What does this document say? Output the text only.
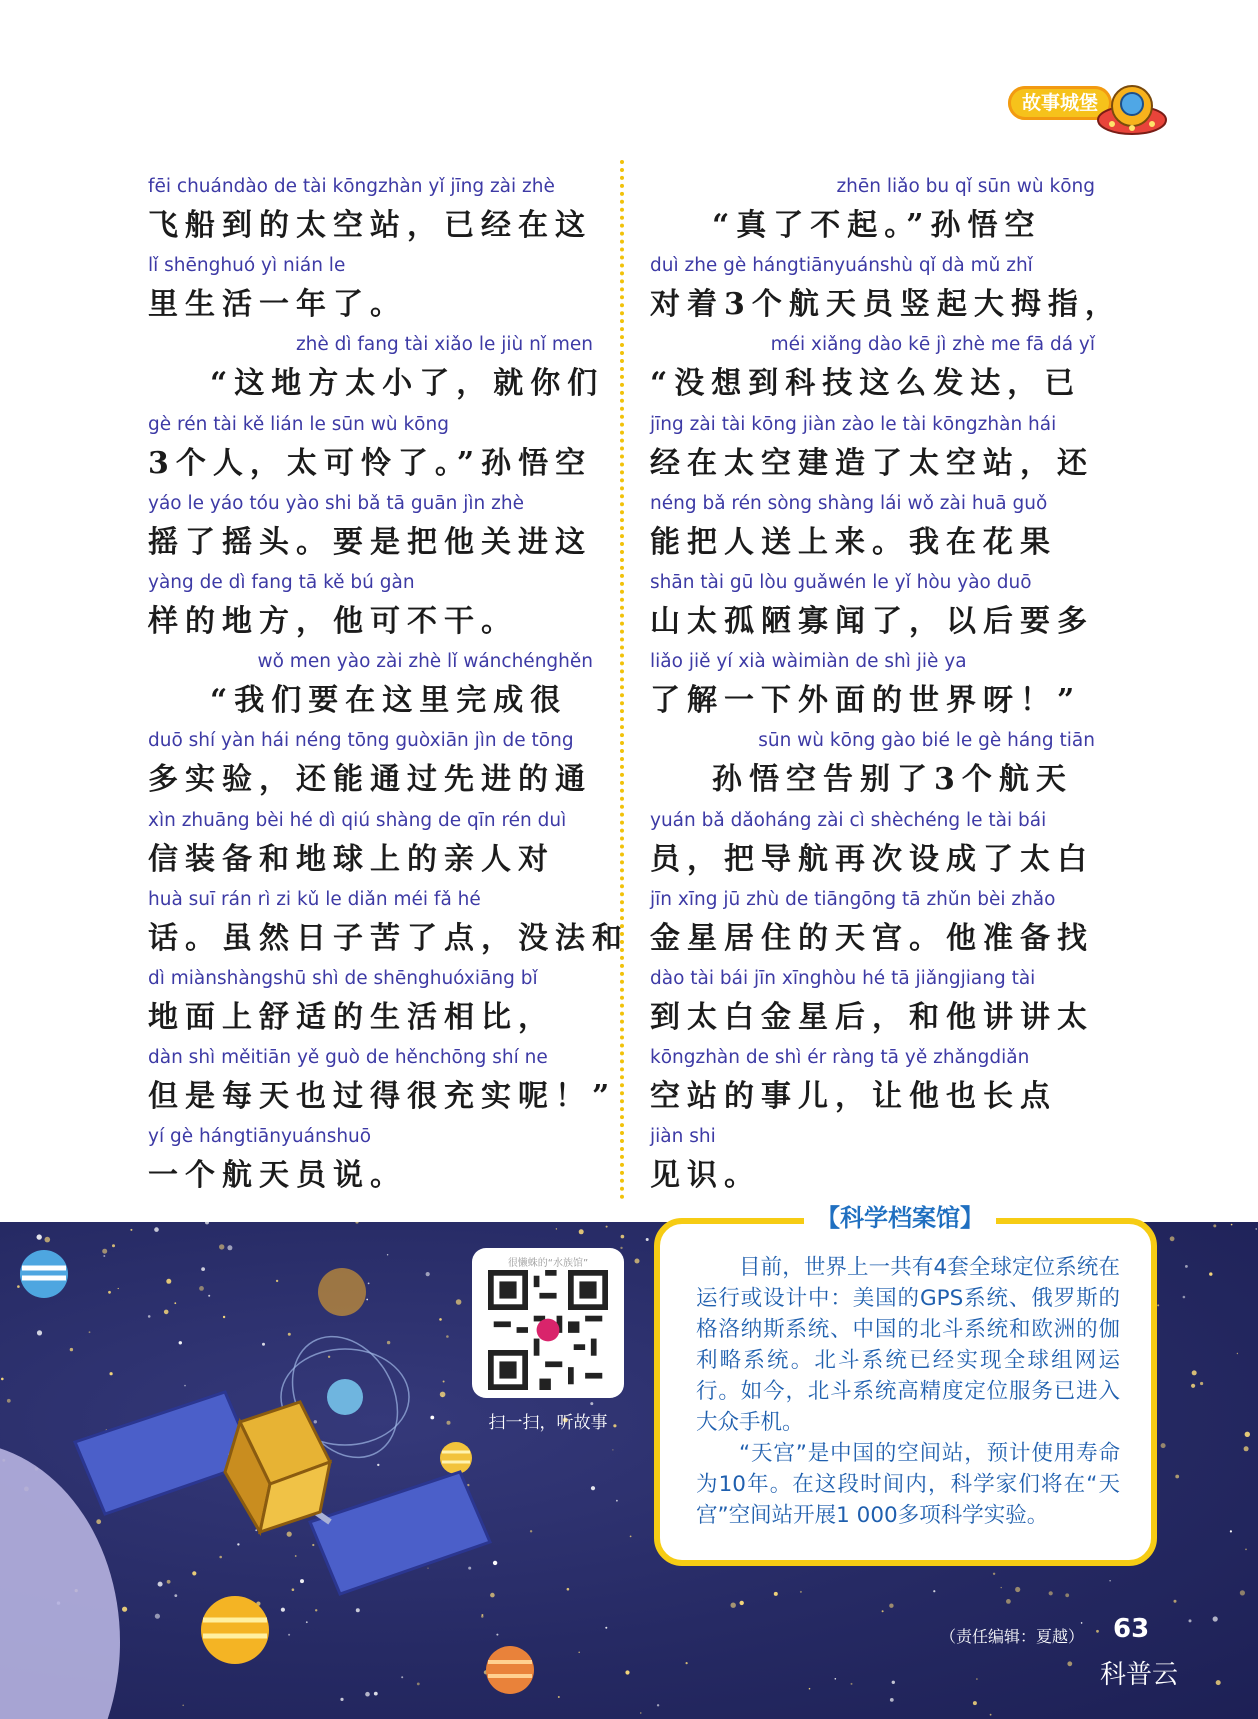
故事城堡
fēi chuándào de tài kōngzhàn yǐ jīng zài zhè
飞船到的太空站，已经在这
lǐ shēnghuó yì nián le
里生活一年了。
zhè dì fang tài xiǎo le jiù nǐ men
“这地方太小了，就你们
gè rén tài kě lián le sūn wù kōng
3个人，太可怜了。”孙悟空
yáo le yáo tóu yào shi bǎ tā guān jìn zhè
摇了摇头。要是把他关进这
yàng de dì fang tā kě bú gàn
样的地方，他可不干。
wǒ men yào zài zhè lǐ wánchénghěn
“我们要在这里完成很
duō shí yàn hái néng tōng guòxiān jìn de tōng
多实验，还能通过先进的通
xìn zhuāng bèi hé dì qiú shàng de qīn rén duì
信装备和地球上的亲人对
huà suī rán rì zi kǔ le diǎn méi fǎ hé
话。虽然日子苦了点，没法和
dì miànshàngshū shì de shēnghuóxiāng bǐ
地面上舒适的生活相比，
dàn shì měitiān yě guò de hěnchōng shí ne
但是每天也过得很充实呢！”
yí gè hángtiānyuánshuō
一个航天员说。
zhēn liǎo bu qǐ sūn wù kōng
“真了不起。”孙悟空
duì zhe gè hángtiānyuánshù qǐ dà mǔ zhǐ
对着3个航天员竖起大拇指，
méi xiǎng dào kē jì zhè me fā dá yǐ
“没想到科技这么发达，已
jīng zài tài kōng jiàn zào le tài kōngzhàn hái
经在太空建造了太空站，还
néng bǎ rén sòng shàng lái wǒ zài huā guǒ
能把人送上来。我在花果
shān tài gū lòu guǎwén le yǐ hòu yào duō
山太孤陋寡闻了，以后要多
liǎo jiě yí xià wàimiàn de shì jiè ya
了解一下外面的世界呀！”
sūn wù kōng gào bié le gè háng tiān
孙悟空告别了3个航天
yuán bǎ dǎoháng zài cì shèchéng le tài bái
员，把导航再次设成了太白
jīn xīng jū zhù de tiāngōng tā zhǔn bèi zhǎo
金星居住的天宫。他准备找
dào tài bái jīn xīnghòu hé tā jiǎngjiang tài
到太白金星后，和他讲讲太
kōngzhàn de shì ér ràng tā yě zhǎngdiǎn
空站的事儿，让他也长点
jiàn shi
见识。
很懒蛛的“水族馆”
扫一扫，听故事
【科学档案馆】

目前，世界上一共有4套全球定位系统在运行或设计中：美国的GPS系统、俄罗斯的格洛纳斯系统、中国的北斗系统和欧洲的伽利略系统。北斗系统已经实现全球组网运行。如今，北斗系统高精度定位服务已进入大众手机。

“天宫”是中国的空间站，预计使用寿命为10年。在这段时间内，科学家们将在“天宫”空间站开展1 000多项科学实验。

（责任编辑：夏越） 63
科普云
